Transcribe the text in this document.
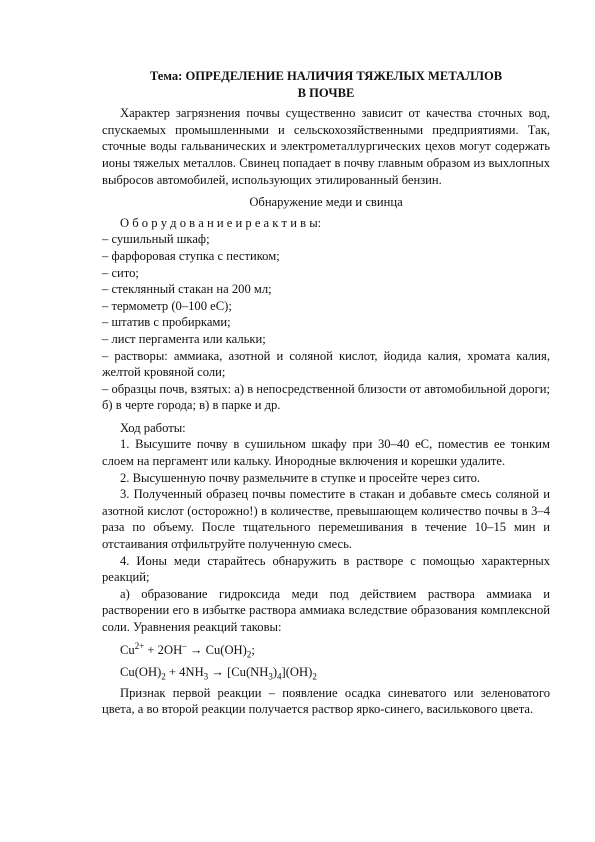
Тема: ОПРЕДЕЛЕНИЕ НАЛИЧИЯ ТЯЖЕЛЫХ МЕТАЛЛОВ
В ПОЧВЕ

Характер загрязнения почвы существенно зависит от качества сточных вод, спускаемых промышленными и сельскохозяйственными предприятиями. Так, сточные воды гальванических и электрометаллургических цехов могут содержать ионы тяжелых металлов. Свинец попадает в почву главным образом из выхлопных выбросов автомобилей, использующих этилированный бензин.

Обнаружение меди и свинца
О б о р у д о в а н и е и р е а к т и в ы:
– сушильный шкаф;
– фарфоровая ступка с пестиком;
– сито;
– стеклянный стакан на 200 мл;
– термометр (0–100 еС);
– штатив с пробирками;
– лист пергамента или кальки;
– растворы: аммиака, азотной и соляной кислот, йодида калия, хромата калия, желтой кровяной соли;
– образцы почв, взятых: а) в непосредственной близости от автомобильной дороги; б) в черте города; в) в парке и др.
Ход работы:

1. Высушите почву в сушильном шкафу при 30–40 еС, поместив ее тонким слоем на пергамент или кальку. Инородные включения и корешки удалите.

2. Высушенную почву размельчите в ступке и просейте через сито.

3. Полученный образец почвы поместите в стакан и добавьте смесь соляной и азотной кислот (осторожно!) в количестве, превышающем количество почвы в 3–4 раза по объему. После тщательного перемешивания в течение 10–15 мин и отстаивания отфильтруйте полученную смесь.

4. Ионы меди старайтесь обнаружить в растворе с помощью характерных реакций;

а) образование гидроксида меди под действием раствора аммиака и растворении его в избытке раствора аммиака вследствие образования комплексной соли. Уравнения реакций таковы:

$Cu^{2+} + 2OH^- \to Cu(OH)_2$;
$Cu(OH)_2 + 4NH_3 \to [Cu(NH_3)_4](OH)_2$

Признак первой реакции – появление осадка синеватого или зеленоватого цвета, а во второй реакции получается раствор ярко-синего, василькового цвета.
